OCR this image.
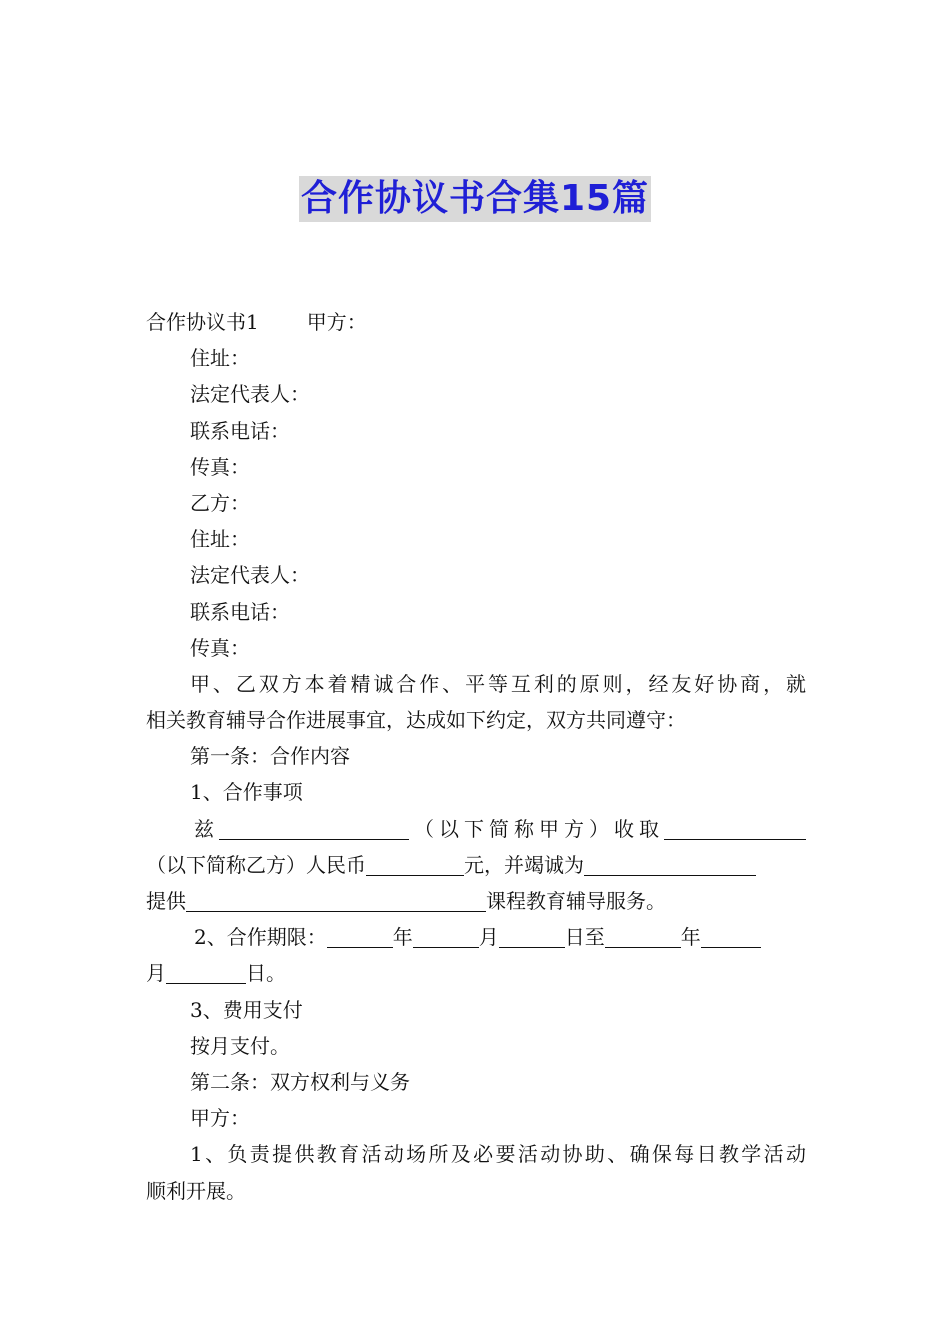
合作协议书合集15篇
合作协议书1 甲方：
住址：
法定代表人：
联系电话：
传真：
乙方：
住址：
法定代表人：
联系电话：
传真：
甲、乙双方本着精诚合作、平等互利的原则，经友好协商，就
相关教育辅导合作进展事宜，达成如下约定，双方共同遵守：
第一条：合作内容
1、合作事项
兹	（以下简称甲方）收取
（以下简称乙方）人民币	元，并竭诚为
提供	课程教育辅导服务。
2、合作期限：	年	月	日至	年
月	日。
3、费用支付
按月支付。
第二条：双方权利与义务
甲方：
1、负责提供教育活动场所及必要活动协助、确保每日教学活动
顺利开展。
